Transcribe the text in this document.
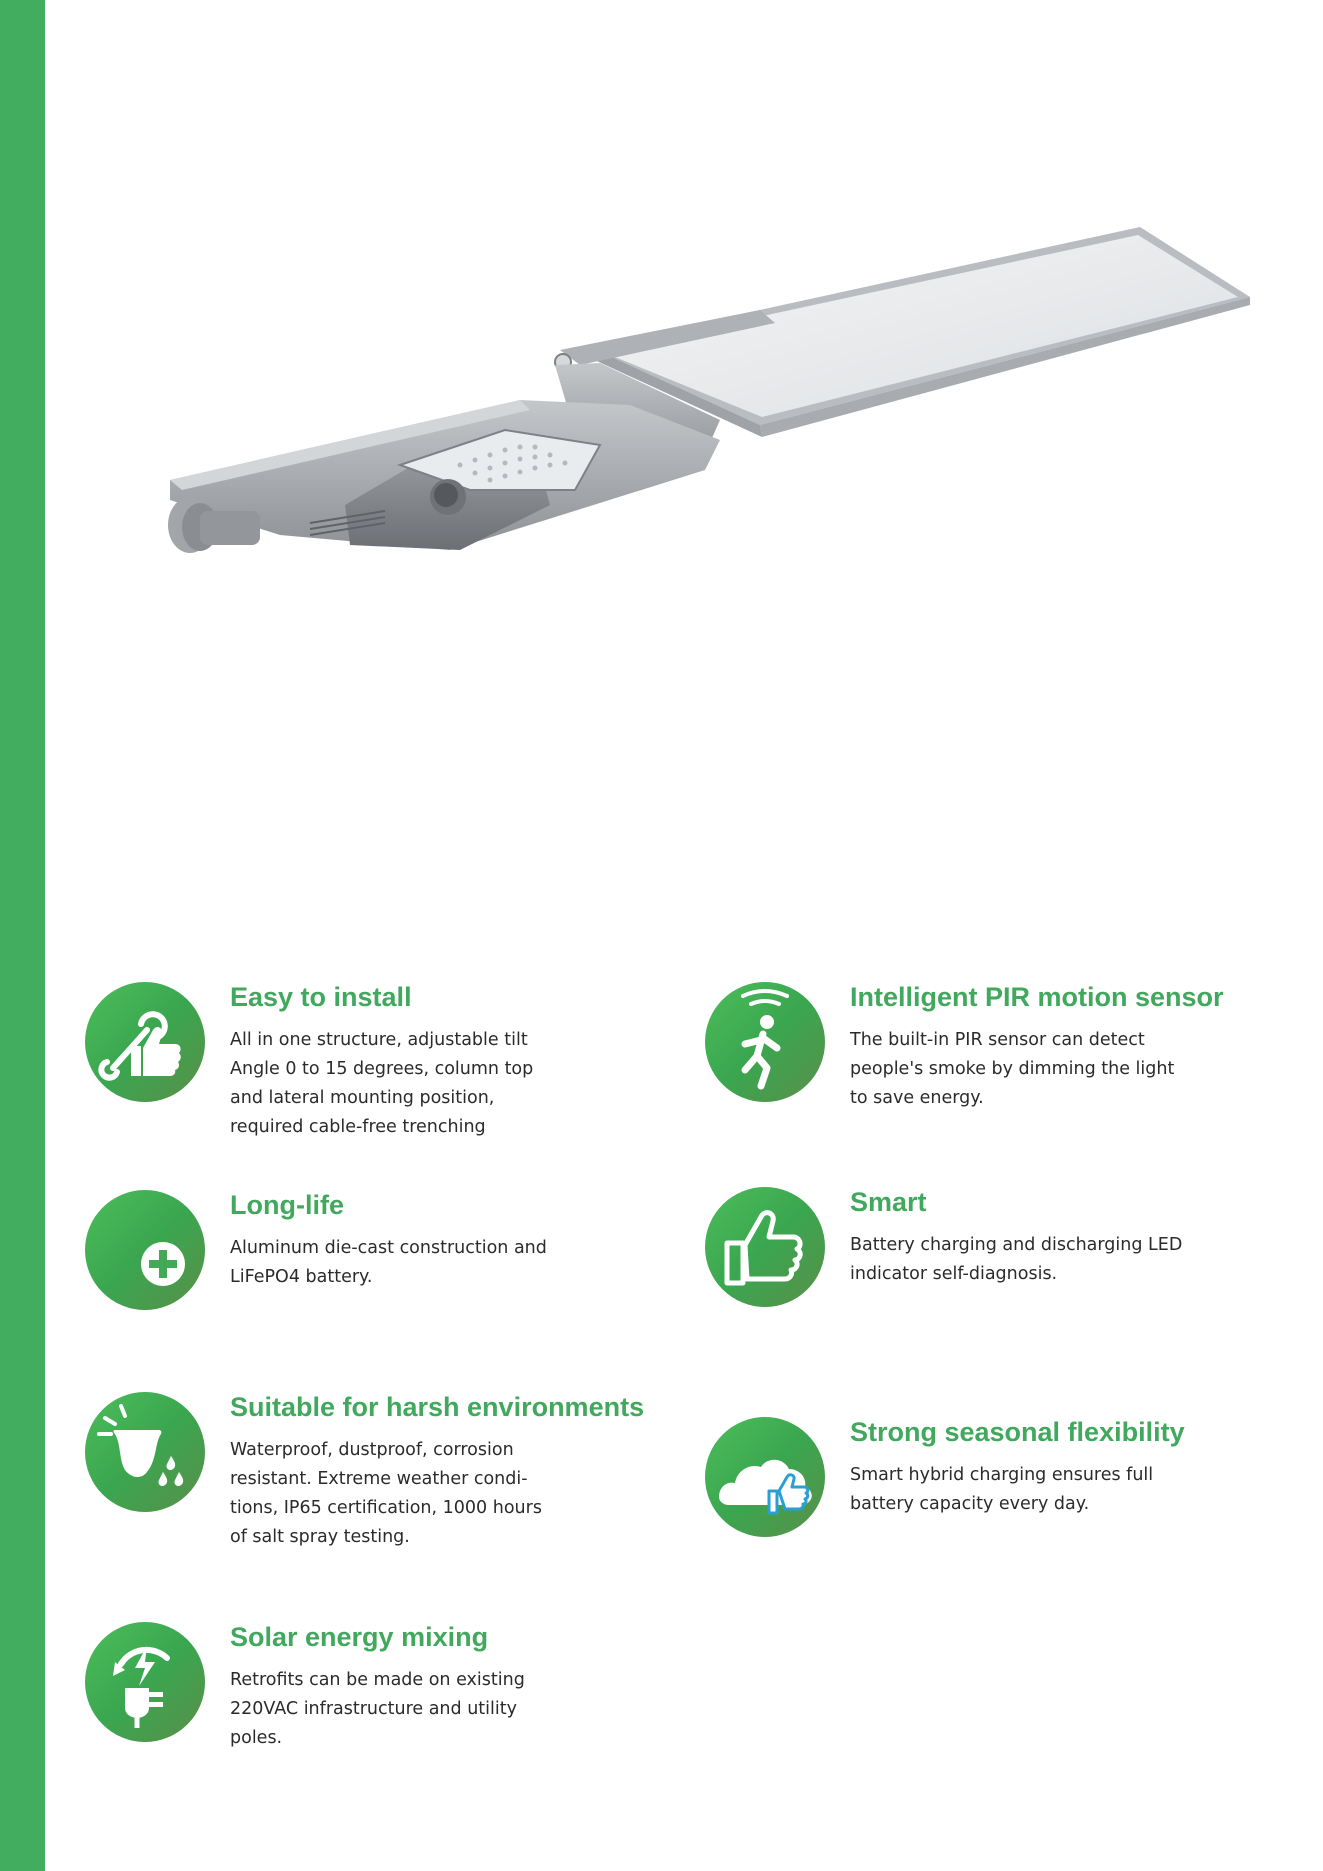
Easy to install

All in one structure, adjustable tilt
Angle 0 to 15 degrees, column top
and lateral mounting position,
required cable-free trenching

Intelligent PIR motion sensor

The built-in PIR sensor can detect
people's smoke by dimming the light
to save energy.

Long-life

Aluminum die-cast construction and
LiFePO4 battery.

Smart

Battery charging and discharging LED
indicator self-diagnosis.

Suitable for harsh environments

Waterproof, dustproof, corrosion
resistant. Extreme weather condi-
tions, IP65 certification, 1000 hours
of salt spray testing.

Strong seasonal flexibility

Smart hybrid charging ensures full
battery capacity every day.

Solar energy mixing

Retrofits can be made on existing
220VAC infrastructure and utility
poles.
